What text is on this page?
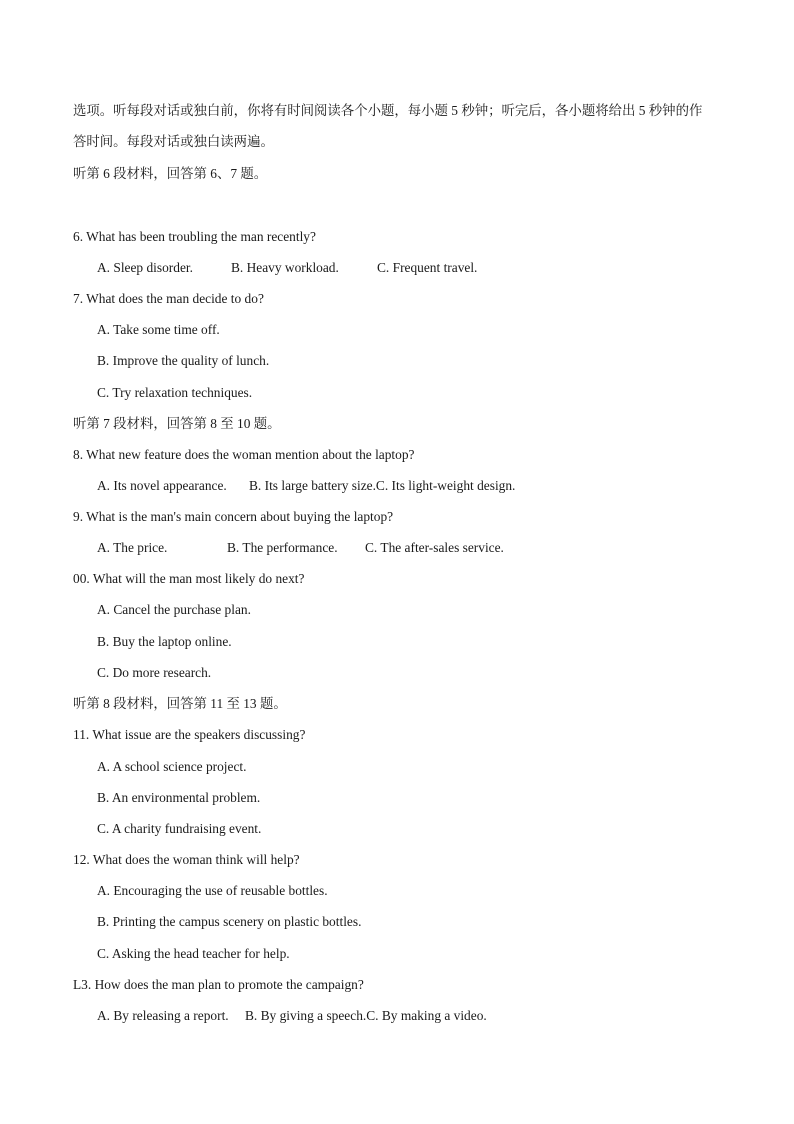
选项。听每段对话或独白前，你将有时间阅读各个小题，每小题 5 秒钟；听完后，各小题将给出 5 秒钟的作
答时间。每段对话或独白读两遍。
听第 6 段材料，回答第 6、7 题。
6. What has been troubling the man recently?
A. Sleep disorder.	B. Heavy workload.	C. Frequent travel.
7. What does the man decide to do?
A. Take some time off.
B. Improve the quality of lunch.
C. Try relaxation techniques.
听第 7 段材料，回答第 8 至 10 题。
8. What new feature does the woman mention about the laptop?
A. Its novel appearance. B. Its large battery size.C. Its light-weight design.
9. What is the man's main concern about buying the laptop?
A. The price.	B. The performance. C. The after-sales service.
00. What will the man most likely do next?
A. Cancel the purchase plan.
B. Buy the laptop online.
C. Do more research.
听第 8 段材料，回答第 11 至 13 题。
11. What issue are the speakers discussing?
A. A school science project.
B. An environmental problem.
C. A charity fundraising event.
12. What does the woman think will help?
A. Encouraging the use of reusable bottles.
B. Printing the campus scenery on plastic bottles.
C. Asking the head teacher for help.
L3. How does the man plan to promote the campaign?
A. By releasing a report. B. By giving a speech.C. By making a video.
